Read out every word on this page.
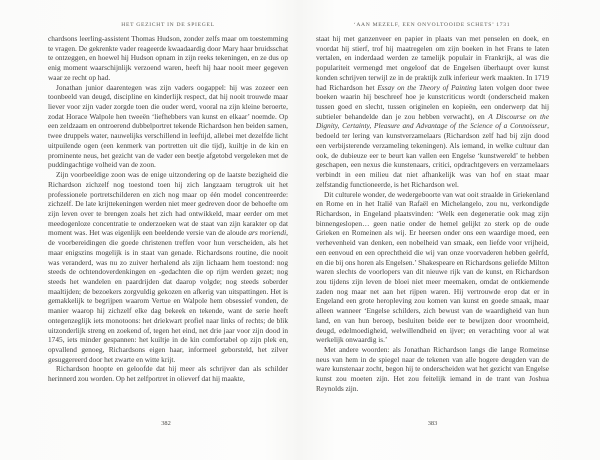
HET GEZICHT IN DE SPIEGEL	‘AAN MEZELF, EEN ONVOLTOOIDE SCHETS’ 1731

chardsons leerling-assistent Thomas Hudson, zonder zelfs maar om toestemming te vragen. De gekrenkte vader reageerde kwaadaardig door Mary haar bruidsschat te ontzeggen, en hoewel hij Hudson opnam in zijn reeks tekeningen, en ze dus op enig moment waarschijnlijk verzoend waren, heeft hij haar nooit meer gegeven waar ze recht op had.

Jonathan junior daarentegen was zijn vaders oogappel: hij was zozeer een toonbeeld van deugd, discipline en kinderlijk respect, dat hij nooit trouwde maar liever voor zijn vader zorgde toen die ouder werd, vooral na zijn kleine beroerte, zodat Horace Walpole hen tweeën ‘liefhebbers van kunst en elkaar’ noemde. Op een zeldzaam en ontroerend dubbelportret tekende Richardson hen beiden samen, twee druppels water, nauwelijks verschillend in leeftijd, allebei met dezelfde licht uitpuilende ogen (een kenmerk van portretten uit die tijd), kuiltje in de kin en prominente neus, het gezicht van de vader een beetje afgetobd vergeleken met de puddingachtige volheid van de zoon.

Zijn voorbeeldige zoon was de enige uitzondering op de laatste bezigheid die Richardson zichzelf nog toestond toen hij zich langzaam terugtrok uit het professionele portretschilderen en zich nog maar op één model concentreerde: zichzelf. De late krijttekeningen werden niet meer gedreven door de behoefte om zijn leven over te brengen zoals het zich had ontwikkeld, maar eerder om met meedogenloze concentratie te onderzoeken wat de staat van zijn karakter op dat moment was. Het was eigenlijk een beeldende versie van de aloude ars moriendi, de voorbereidingen die goede christenen treffen voor hun verscheiden, als het maar enigszins mogelijk is in staat van genade. Richardsons routine, die nooit was veranderd, was nu zo zuiver herhalend als zijn lichaam hem toestond: nog steeds de ochtendoverdenkingen en -gedachten die op rijm werden gezet; nog steeds het wandelen en paardrijden dat daarop volgde; nog steeds soberder maaltijden; de bezoekers zorgvuldig gekozen en afkerig van uitspattingen. Het is gemakkelijk te begrijpen waarom Vertue en Walpole hem obsessief vonden, de manier waarop hij zichzelf elke dag bekeek en tekende, want de serie heeft ontegenzeglijk iets monotoons: het driekwart profiel naar links of rechts; de blik uitzonderlijk streng en zoekend of, tegen het eind, net drie jaar voor zijn dood in 1745, iets minder gespannen: het kuiltje in de kin comfortabel op zijn plek en, opvallend genoeg, Richardsons eigen haar, informeel geborsteld, het zilver gesuggereerd door het zwarte en witte krijt.

Richardson hoopte en geloofde dat hij meer als schrijver dan als schilder herinnerd zou worden. Op het zelfportret in olieverf dat hij maakte,

staat hij met ganzenveer en papier in plaats van met penselen en doek, en voordat hij stierf, trof hij maatregelen om zijn boeken in het Frans te laten vertalen, en inderdaad werden ze tamelijk populair in Frankrijk, al was die populariteit vermengd met ongeloof dat de Engelsen überhaupt over kunst konden schrijven terwijl ze in de praktijk zulk inferieur werk maakten. In 1719 had Richardson het Essay on the Theory of Painting laten volgen door twee boeken waarin hij beschreef hoe je kunstcriticus wordt (onderscheid maken tussen goed en slecht, tussen originelen en kopieën, een onderwerp dat hij subtieler behandelde dan je zou hebben verwacht), en A Discourse on the Dignity, Certainty, Pleasure and Advantage of the Science of a Connoisseur, bedoeld ter lering van kunstverzamelaars (Richardson zelf had bij zijn dood een verbijsterende verzameling tekeningen). Als iemand, in welke cultuur dan ook, de dubieuze eer te beurt kan vallen een Engelse ‘kunstwereld’ te hebben geschapen, een nexus die kunstenaars, critici, opdrachtgevers en verzamelaars verbindt in een milieu dat niet afhankelijk was van hof en staat maar zelfstandig functioneerde, is het Richardson wel.

Dit culturele wonder, de wedergeboorte van wat ooit straalde in Griekenland en Rome en in het Italië van Rafaël en Michelangelo, zou nu, verkondigde Richardson, in Engeland plaatsvinden: ‘Welk een degeneratie ook mag zijn binnengeslopen… geen natie onder de hemel gelijkt zo sterk op de oude Grieken en Romeinen als wij. Er heersen onder ons een waardige moed, een verhevenheid van denken, een nobelheid van smaak, een liefde voor vrijheid, een eenvoud en een oprechtheid die wij van onze voorvaderen hebben geërfd, en die bij ons horen als Engelsen.’ Shakespeare en Richardsons geliefde Milton waren slechts de voorlopers van dit nieuwe rijk van de kunst, en Richardson zou tijdens zijn leven de bloei niet meer meemaken, omdat de ontkiemende zaden nog maar net aan het rijpen waren. Hij vertrouwde erop dat er in Engeland een grote heropleving zou komen van kunst en goede smaak, maar alleen wanneer ‘Engelse schilders, zich bewust van de waardigheid van hun land, en van hun beroep, besluiten beide eer te bewijzen door vroomheid, deugd, edelmoedigheid, welwillendheid en ijver; en verachting voor al wat werkelijk onwaardig is.’

Met andere woorden: als Jonathan Richardson langs die lange Romeinse neus van hem in de spiegel naar de tekenen van alle hogere deugden van de ware kunstenaar zocht, begon hij te onderscheiden wat het gezicht van Engelse kunst zou moeten zijn. Het zou feitelijk iemand in de trant van Joshua Reynolds zijn.

382	383
